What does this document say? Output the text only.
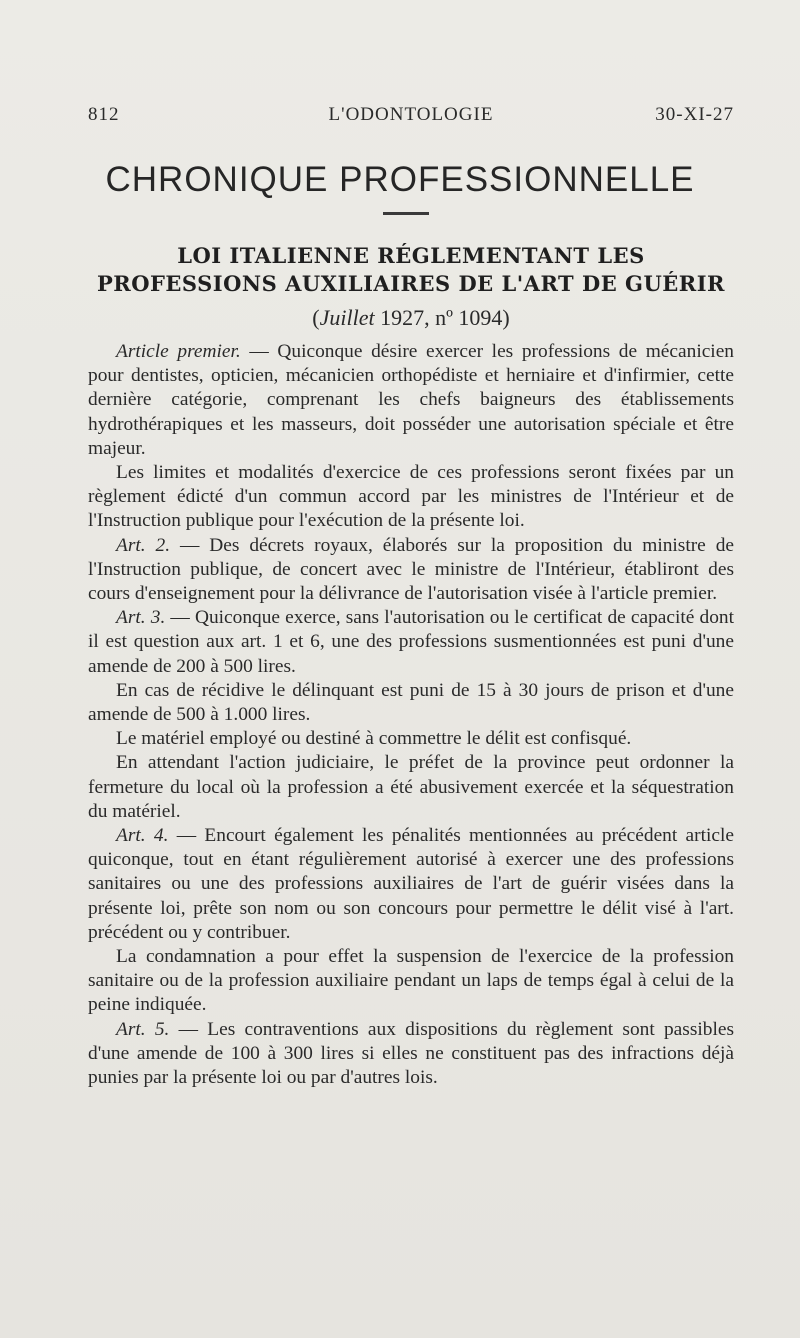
812	L'ODONTOLOGIE	30-XI-27
CHRONIQUE PROFESSIONNELLE
LOI ITALIENNE RÉGLEMENTANT LES PROFESSIONS AUXILIAIRES DE L'ART DE GUÉRIR
(Juillet 1927, nº 1094)

Article premier. — Quiconque désire exercer les professions de mécanicien pour dentistes, opticien, mécanicien orthopédiste et herniaire et d'infirmier, cette dernière catégorie, comprenant les chefs baigneurs des établissements hydrothérapiques et les masseurs, doit posséder une autorisation spéciale et être majeur.

Les limites et modalités d'exercice de ces professions seront fixées par un règlement édicté d'un commun accord par les ministres de l'Intérieur et de l'Instruction publique pour l'exécution de la présente loi.

Art. 2. — Des décrets royaux, élaborés sur la proposition du ministre de l'Instruction publique, de concert avec le ministre de l'Intérieur, établiront des cours d'enseignement pour la délivrance de l'autorisation visée à l'article premier.

Art. 3. — Quiconque exerce, sans l'autorisation ou le certificat de capacité dont il est question aux art. 1 et 6, une des professions susmentionnées est puni d'une amende de 200 à 500 lires.

En cas de récidive le délinquant est puni de 15 à 30 jours de prison et d'une amende de 500 à 1.000 lires.

Le matériel employé ou destiné à commettre le délit est confisqué.

En attendant l'action judiciaire, le préfet de la province peut ordonner la fermeture du local où la profession a été abusivement exercée et la séquestration du matériel.

Art. 4. — Encourt également les pénalités mentionnées au précédent article quiconque, tout en étant régulièrement autorisé à exercer une des professions sanitaires ou une des professions auxiliaires de l'art de guérir visées dans la présente loi, prête son nom ou son concours pour permettre le délit visé à l'art. précédent ou y contribuer.

La condamnation a pour effet la suspension de l'exercice de la profession sanitaire ou de la profession auxiliaire pendant un laps de temps égal à celui de la peine indiquée.

Art. 5. — Les contraventions aux dispositions du règlement sont passibles d'une amende de 100 à 300 lires si elles ne constituent pas des infractions déjà punies par la présente loi ou par d'autres lois.
